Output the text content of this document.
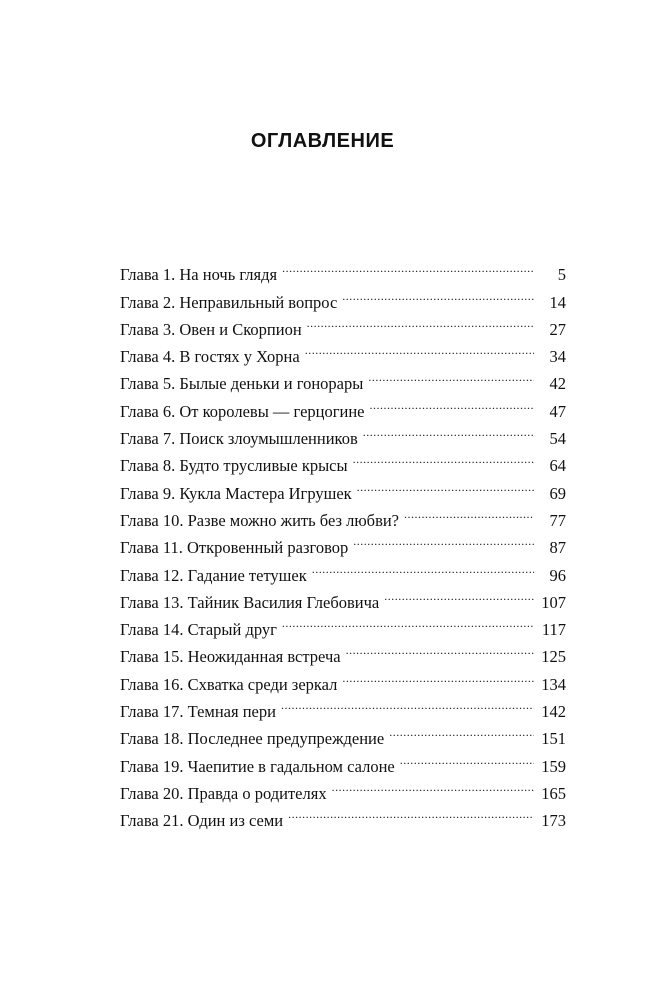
ОГЛАВЛЕНИЕ
Глава 1. На ночь глядя .....	5
Глава 2. Неправильный вопрос .....	14
Глава 3. Овен и Скорпион .....	27
Глава 4. В гостях у Хорна .....	34
Глава 5. Былые деньки и гонорары .....	42
Глава 6. От королевы — герцогине .....	47
Глава 7. Поиск злоумышленников .....	54
Глава 8. Будто трусливые крысы .....	64
Глава 9. Кукла Мастера Игрушек .....	69
Глава 10. Разве можно жить без любви? .....	77
Глава 11. Откровенный разговор .....	87
Глава 12. Гадание тетушек .....	96
Глава 13. Тайник Василия Глебовича .....	107
Глава 14. Старый друг .....	117
Глава 15. Неожиданная встреча .....	125
Глава 16. Схватка среди зеркал .....	134
Глава 17. Темная пери .....	142
Глава 18. Последнее предупреждение .....	151
Глава 19. Чаепитие в гадальном салоне .....	159
Глава 20. Правда о родителях .....	165
Глава 21. Один из семи .....	173
